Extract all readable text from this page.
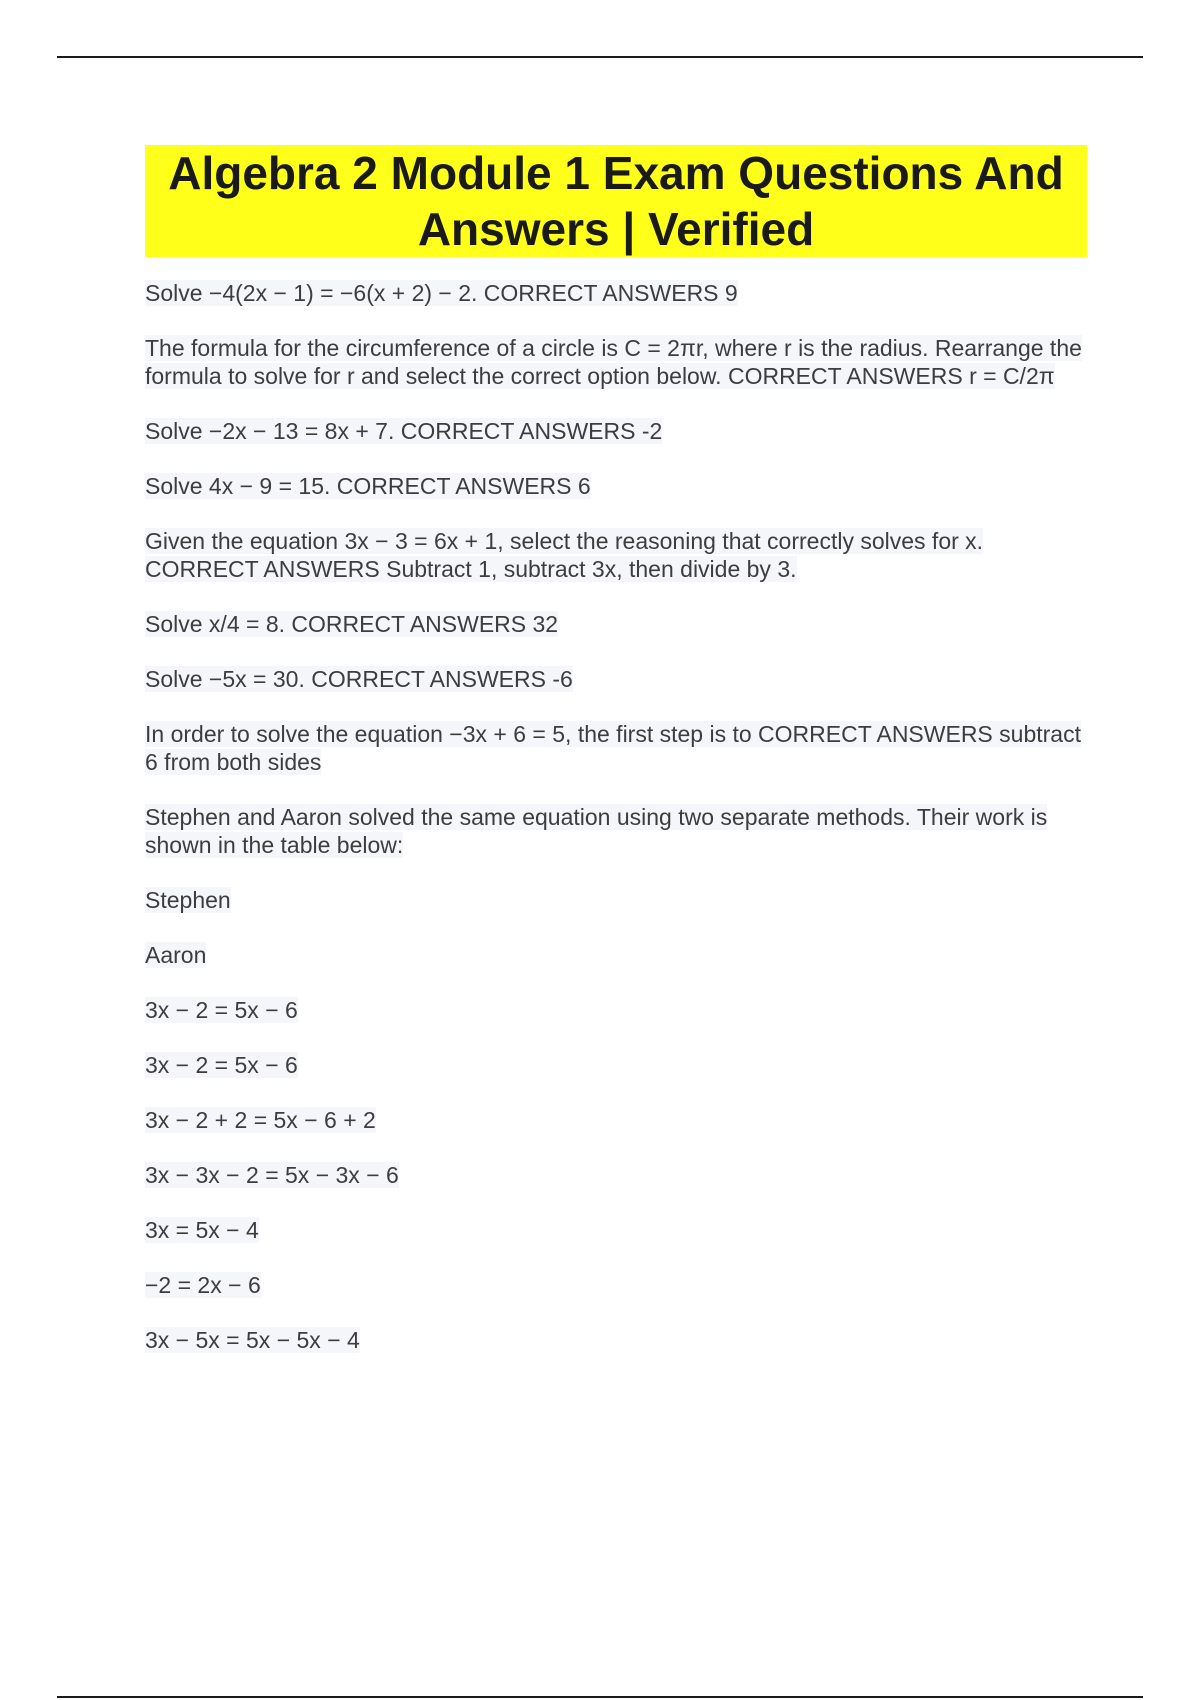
Algebra 2 Module 1 Exam Questions And
Answers | Verified

Solve −4(2x − 1) = −6(x + 2) − 2. CORRECT ANSWERS 9

The formula for the circumference of a circle is C = 2πr, where r is the radius. Rearrange the formula to solve for r and select the correct option below. CORRECT ANSWERS r = C/2π

Solve −2x − 13 = 8x + 7. CORRECT ANSWERS -2

Solve 4x − 9 = 15. CORRECT ANSWERS 6

Given the equation 3x − 3 = 6x + 1, select the reasoning that correctly solves for x. CORRECT ANSWERS Subtract 1, subtract 3x, then divide by 3.

Solve x/4 = 8. CORRECT ANSWERS 32

Solve −5x = 30. CORRECT ANSWERS -6

In order to solve the equation −3x + 6 = 5, the first step is to CORRECT ANSWERS subtract 6 from both sides

Stephen and Aaron solved the same equation using two separate methods. Their work is shown in the table below:

Stephen

Aaron

3x − 2 = 5x − 6

3x − 2 = 5x − 6

3x − 2 + 2 = 5x − 6 + 2

3x − 3x − 2 = 5x − 3x − 6

3x = 5x − 4

−2 = 2x − 6

3x − 5x = 5x − 5x − 4
